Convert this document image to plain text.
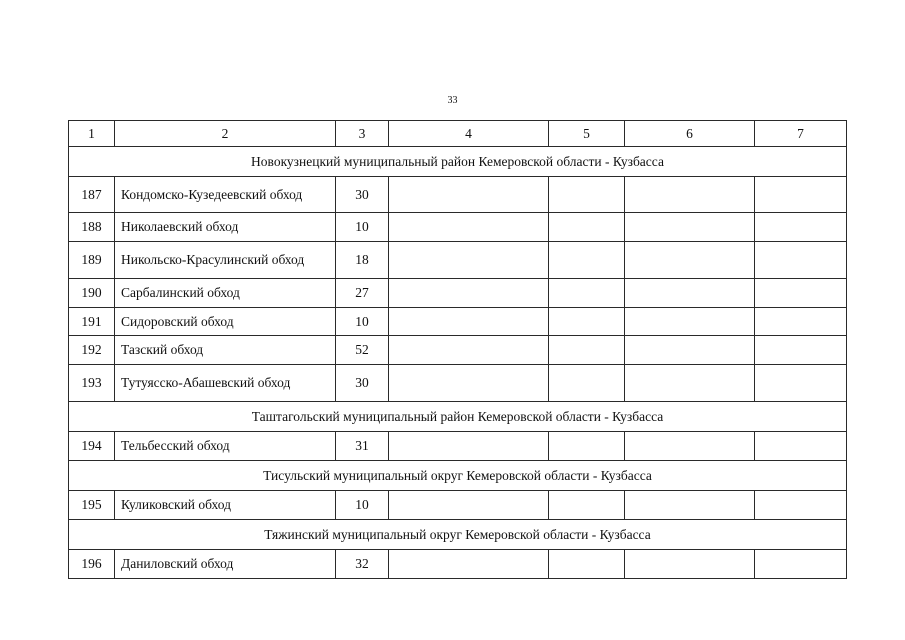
33
1	2	3	4	5	6	7
Новокузнецкий муниципальный район Кемеровской области - Кузбасса						
187	Кондомско-Кузедеевский обход	30				
188	Николаевский обход	10				
189	Никольско-Красулинский обход	18				
190	Сарбалинский обход	27				
191	Сидоровский обход	10				
192	Тазский обход	52				
193	Тутуясско-Абашевский обход	30				
Таштагольский муниципальный район Кемеровской области - Кузбасса						
194	Тельбесский обход	31				
Тисульский муниципальный округ Кемеровской области - Кузбасса						
195	Куликовский обход	10				
Тяжинский муниципальный округ Кемеровской области - Кузбасса						
196	Даниловский обход	32				
